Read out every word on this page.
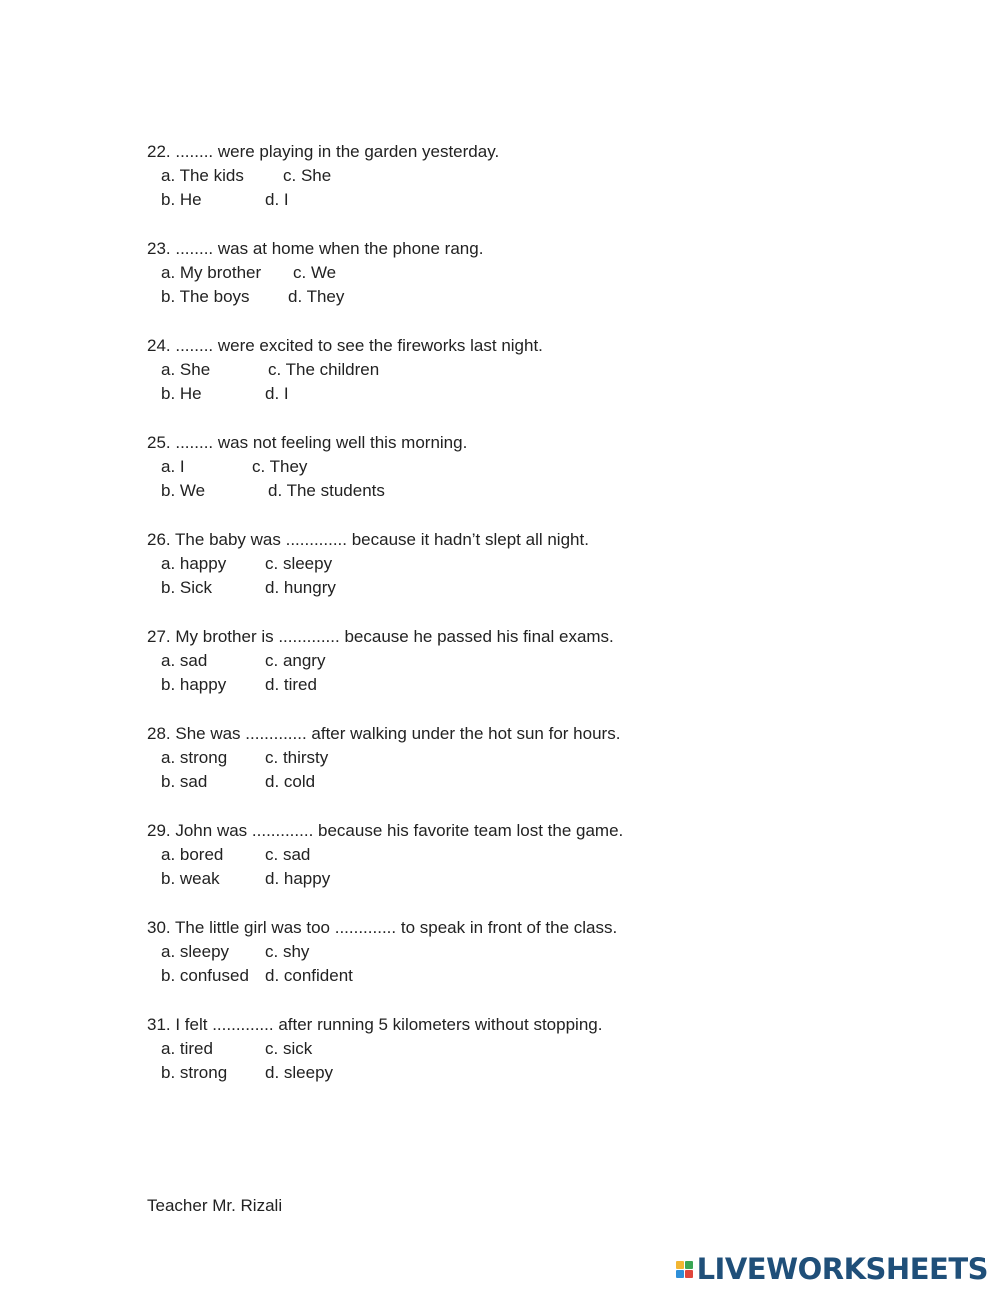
22. ........ were playing in the garden yesterday.
a. The kids c. She
b. He	d. I
23. ........ was at home when the phone rang.
a. My brother c. We
b. The boys d. They
24. ........ were excited to see the fireworks last night.
a. She	c. The children
b. He	d. I
25. ........ was not feeling well this morning.
a. I	c. They
b. We	d. The students
26. The baby was ............. because it hadn’t slept all night.
a. happy c. sleepy
b. Sick	d. hungry
27. My brother is ............. because he passed his final exams.
a. sad	c. angry
b. happy d. tired
28. She was ............. after walking under the hot sun for hours.
a. strong c. thirsty
b. sad	d. cold
29. John was ............. because his favorite team lost the game.
a. bored c. sad
b. weak	d. happy
30. The little girl was too ............. to speak in front of the class.
a. sleepy c. shy
b. confused d. confident
31. I felt ............. after running 5 kilometers without stopping.
a. tired	c. sick
b. strong d. sleepy
Teacher Mr. Rizali
LIVEWORKSHEETS
